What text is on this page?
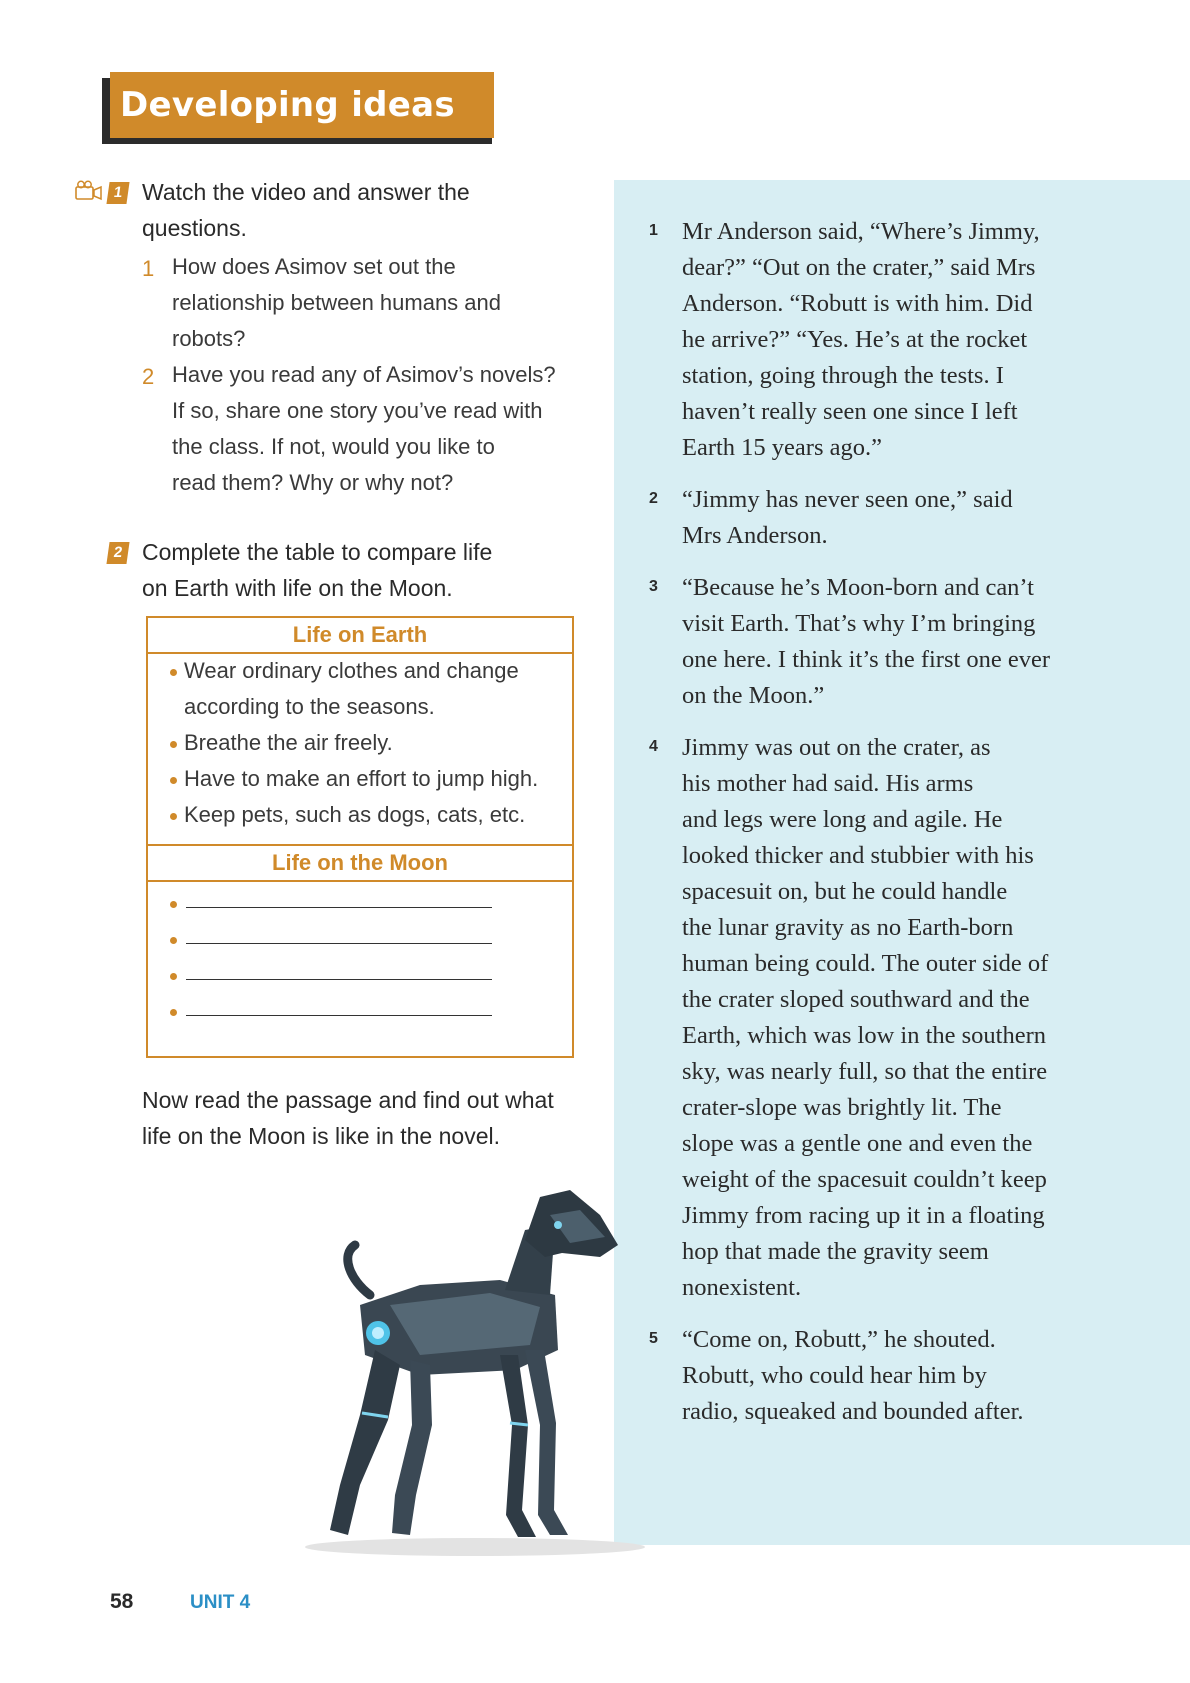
Developing ideas
1 Watch the video and answer the
questions.
1 How does Asimov set out the
relationship between humans and
robots?
2 Have you read any of Asimov’s novels?
If so, share one story you’ve read with
the class. If not, would you like to
read them? Why or why not?
2 Complete the table to compare life
on Earth with life on the Moon.
Life on Earth
Wear ordinary clothes and change
according to the seasons.
Breathe the air freely.
Have to make an effort to jump high.
Keep pets, such as dogs, cats, etc.
Life on the Moon
Now read the passage and find out what
life on the Moon is like in the novel.
1 Mr Anderson said, “Where’s Jimmy,
dear?” “Out on the crater,” said Mrs
Anderson. “Robutt is with him. Did
he arrive?” “Yes. He’s at the rocket
station, going through the tests. I
haven’t really seen one since I left
Earth 15 years ago.”
2 “Jimmy has never seen one,” said
Mrs Anderson.
3 “Because he’s Moon-born and can’t
visit Earth. That’s why I’m bringing
one here. I think it’s the first one ever
on the Moon.”
4 Jimmy was out on the crater, as
his mother had said. His arms
and legs were long and agile. He
looked thicker and stubbier with his
spacesuit on, but he could handle
the lunar gravity as no Earth-born
human being could. The outer side of
the crater sloped southward and the
Earth, which was low in the southern
sky, was nearly full, so that the entire
crater-slope was brightly lit. The
slope was a gentle one and even the
weight of the spacesuit couldn’t keep
Jimmy from racing up it in a floating
hop that made the gravity seem
nonexistent.
5 “Come on, Robutt,” he shouted.
Robutt, who could hear him by
radio, squeaked and bounded after.
58	UNIT 4
